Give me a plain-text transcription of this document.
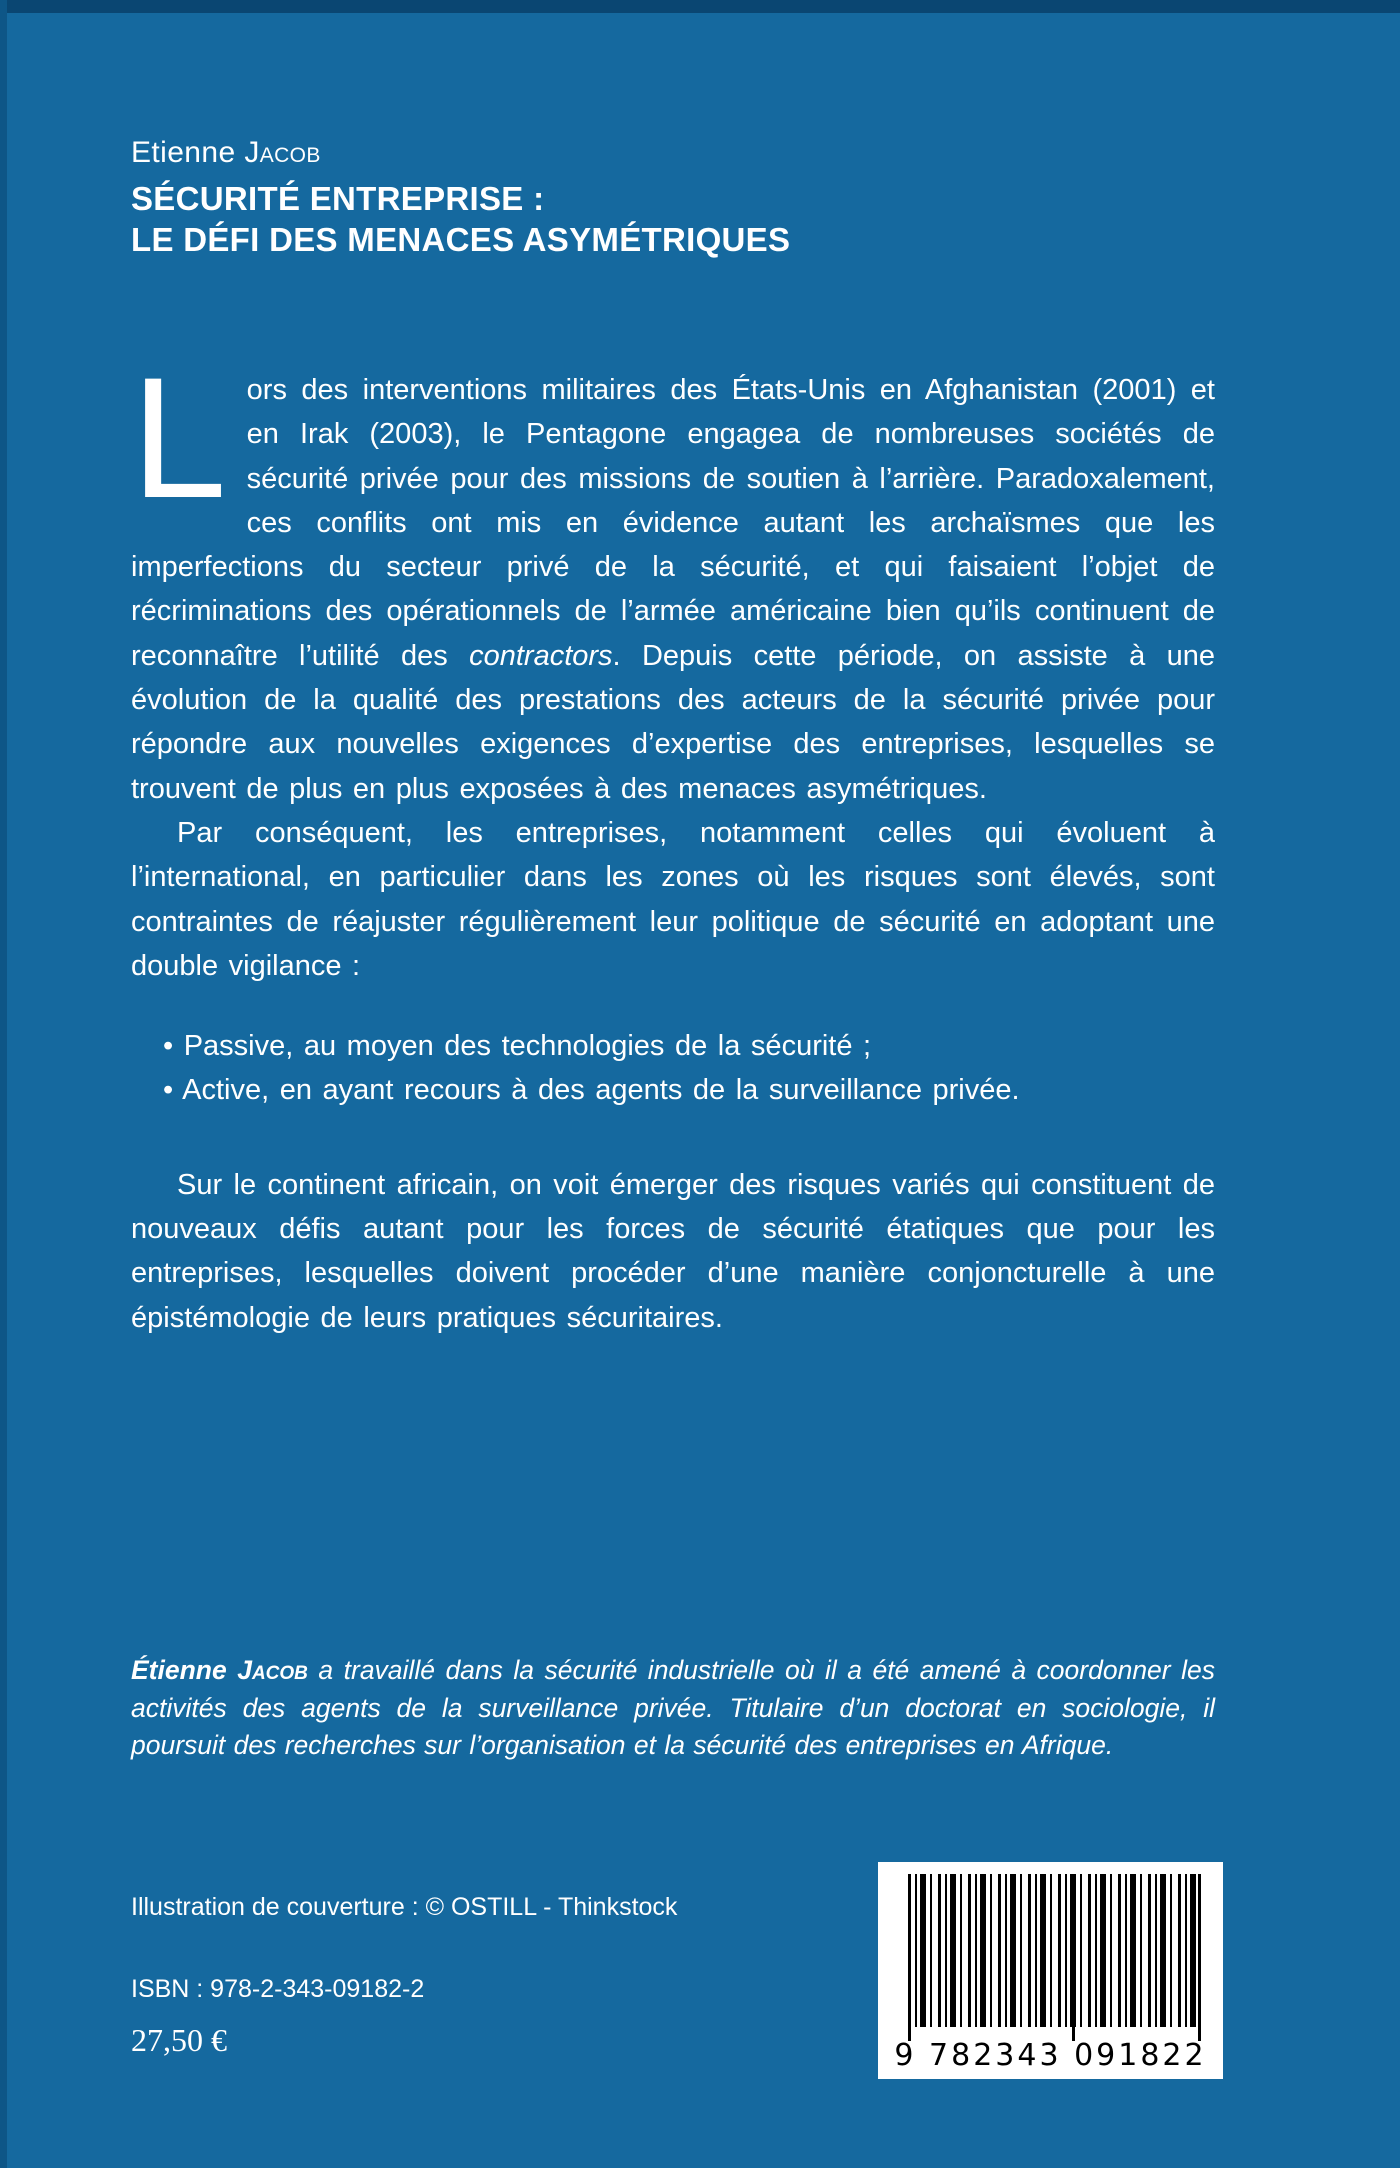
Etienne Jacob
SÉCURITÉ ENTREPRISE :
LE DÉFI DES MENACES ASYMÉTRIQUES

Lors des interventions militaires des États-Unis en Afghanistan (2001) et en Irak (2003), le Pentagone engagea de nombreuses sociétés de sécurité privée pour des missions de soutien à l’arrière. Paradoxalement, ces conflits ont mis en évidence autant les archaïsmes que les imperfections du secteur privé de la sécurité, et qui faisaient l’objet de récriminations des opérationnels de l’armée américaine bien qu’ils continuent de reconnaître l’utilité des contractors. Depuis cette période, on assiste à une évolution de la qualité des prestations des acteurs de la sécurité privée pour répondre aux nouvelles exigences d’expertise des entreprises, lesquelles se trouvent de plus en plus exposées à des menaces asymétriques.

Par conséquent, les entreprises, notamment celles qui évoluent à l’international, en particulier dans les zones où les risques sont élevés, sont contraintes de réajuster régulièrement leur politique de sécurité en adoptant une double vigilance :

• Passive, au moyen des technologies de la sécurité ;
• Active, en ayant recours à des agents de la surveillance privée.

Sur le continent africain, on voit émerger des risques variés qui constituent de nouveaux défis autant pour les forces de sécurité étatiques que pour les entreprises, lesquelles doivent procéder d’une manière conjoncturelle à une épistémologie de leurs pratiques sécuritaires.

Étienne Jacob a travaillé dans la sécurité industrielle où il a été amené à coordonner les activités des agents de la surveillance privée. Titulaire d’un doctorat en sociologie, il poursuit des recherches sur l’organisation et la sécurité des entreprises en Afrique.
Illustration de couverture : © OSTILL - Thinkstock
ISBN : 978-2-343-09182-2
27,50 €	9 782343 091822
